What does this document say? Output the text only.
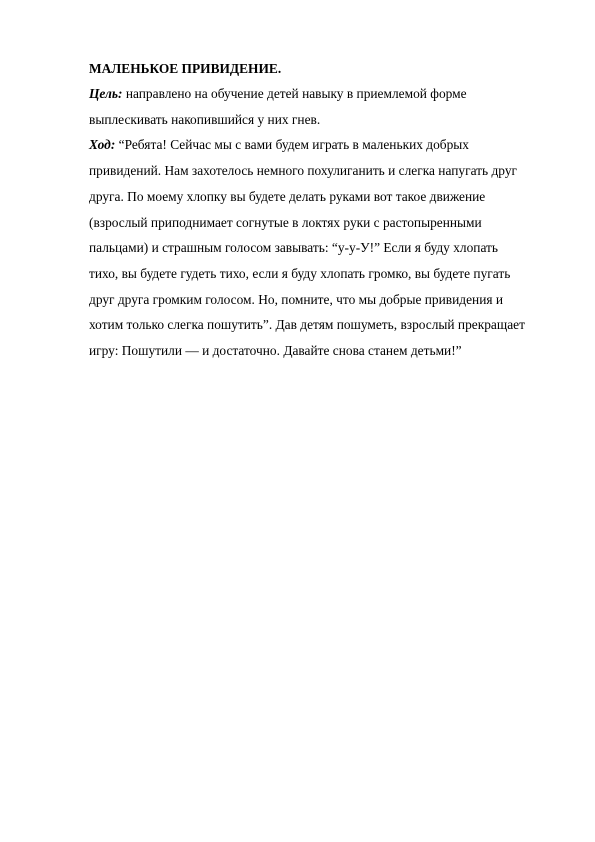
МАЛЕНЬКОЕ ПРИВИДЕНИЕ.

Цель: направлено на обучение детей навыку в приемлемой форме выплескивать накопившийся у них гнев.

Ход: “Ребята! Сейчас мы с вами будем играть в маленьких добрых привидений. Нам захотелось немного похулиганить и слегка напугать друг друга. По моему хлопку вы будете делать руками вот такое движение (взрослый приподнимает согнутые в локтях руки с растопыренными пальцами) и страшным голосом завывать: “у-у-У!” Если я буду хлопать тихо, вы будете гудеть тихо, если я буду хлопать громко, вы будете пугать друг друга громким голосом. Но, помните, что мы добрые привидения и хотим только слегка пошутить”. Дав детям пошуметь, взрослый прекращает игру: Пошутили — и достаточно. Давайте снова станем детьми!”
